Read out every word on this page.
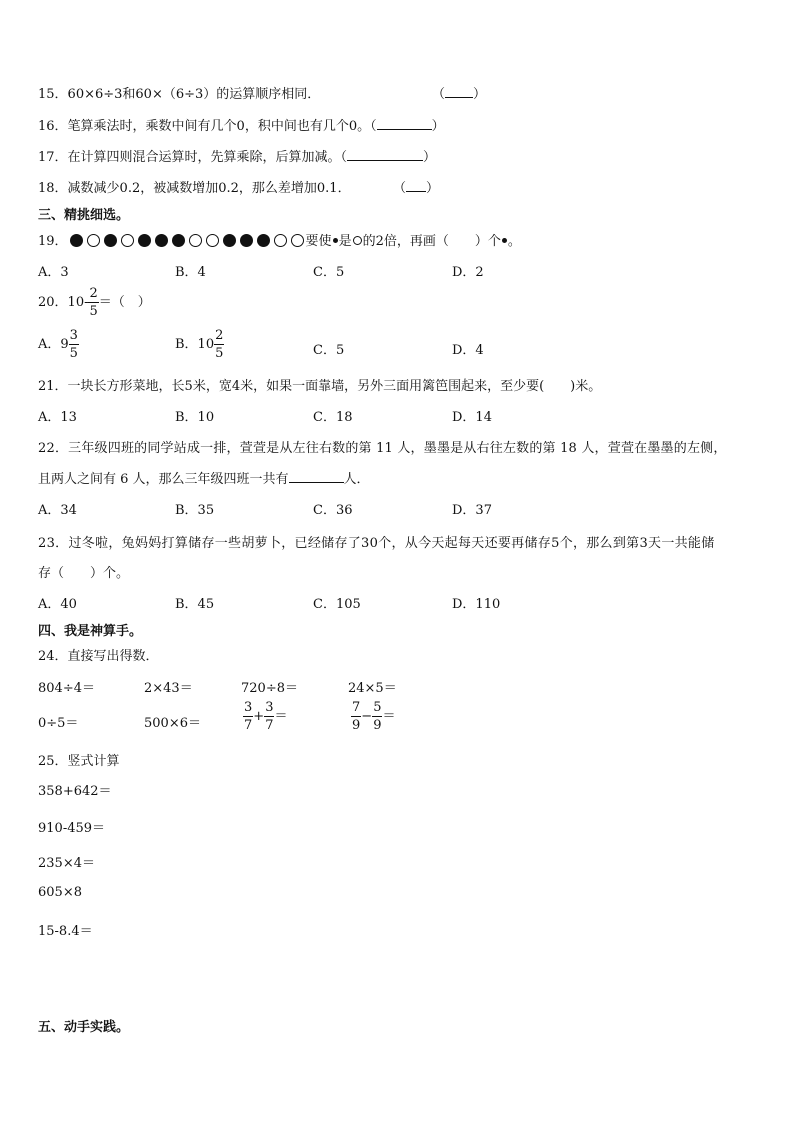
15．60×6÷3和60×（6÷3）的运算顺序相同．	（ ）
16．笔算乘法时，乘数中间有几个0，积中间也有几个0。（	）
17．在计算四则混合运算时，先算乘除，后算加减。（	）
18．减数减少0.2，被减数增加0.2，那么差增加0.1．	（ ）
三、精挑细选。
19．	要使 是 的2倍，再画（ ）个 。
A．3	B．4	C．5	D．2
20．$10- \frac{2}{5}$ ＝（　）
A．$9 \frac{3}{5}$	B．$10 \frac{2}{5}$	C．5	D．4
21．一块长方形菜地，长5米，宽4米，如果一面靠墙，另外三面用篱笆围起来，至少要(　　)米。
A．13	B．10	C．18	D．14
22．三年级四班的同学站成一排，萱萱是从左往右数的第 11 人，墨墨是从右往左数的第 18 人，萱萱在墨墨的左侧，
且两人之间有 6 人，那么三年级四班一共有	人．
A．34	B．35	C．36	D．37
23．过冬啦，兔妈妈打算储存一些胡萝卜，已经储存了30个，从今天起每天还要再储存5个，那么到第3天一共能储
存（　　）个。
A．40	B．45	C．105	D．110
四、我是神算手。
24．直接写出得数．
804÷4＝	2×43＝	720÷8＝	24×5＝
0÷5＝	500×6＝	$\frac{3}{7} + \frac{3}{7}$ ＝	$\frac{7}{9} - \frac{5}{9}$ ＝
25．竖式计算
358+642＝
910-459＝
235×4＝
605×8
15-8.4＝
五、动手实践。
